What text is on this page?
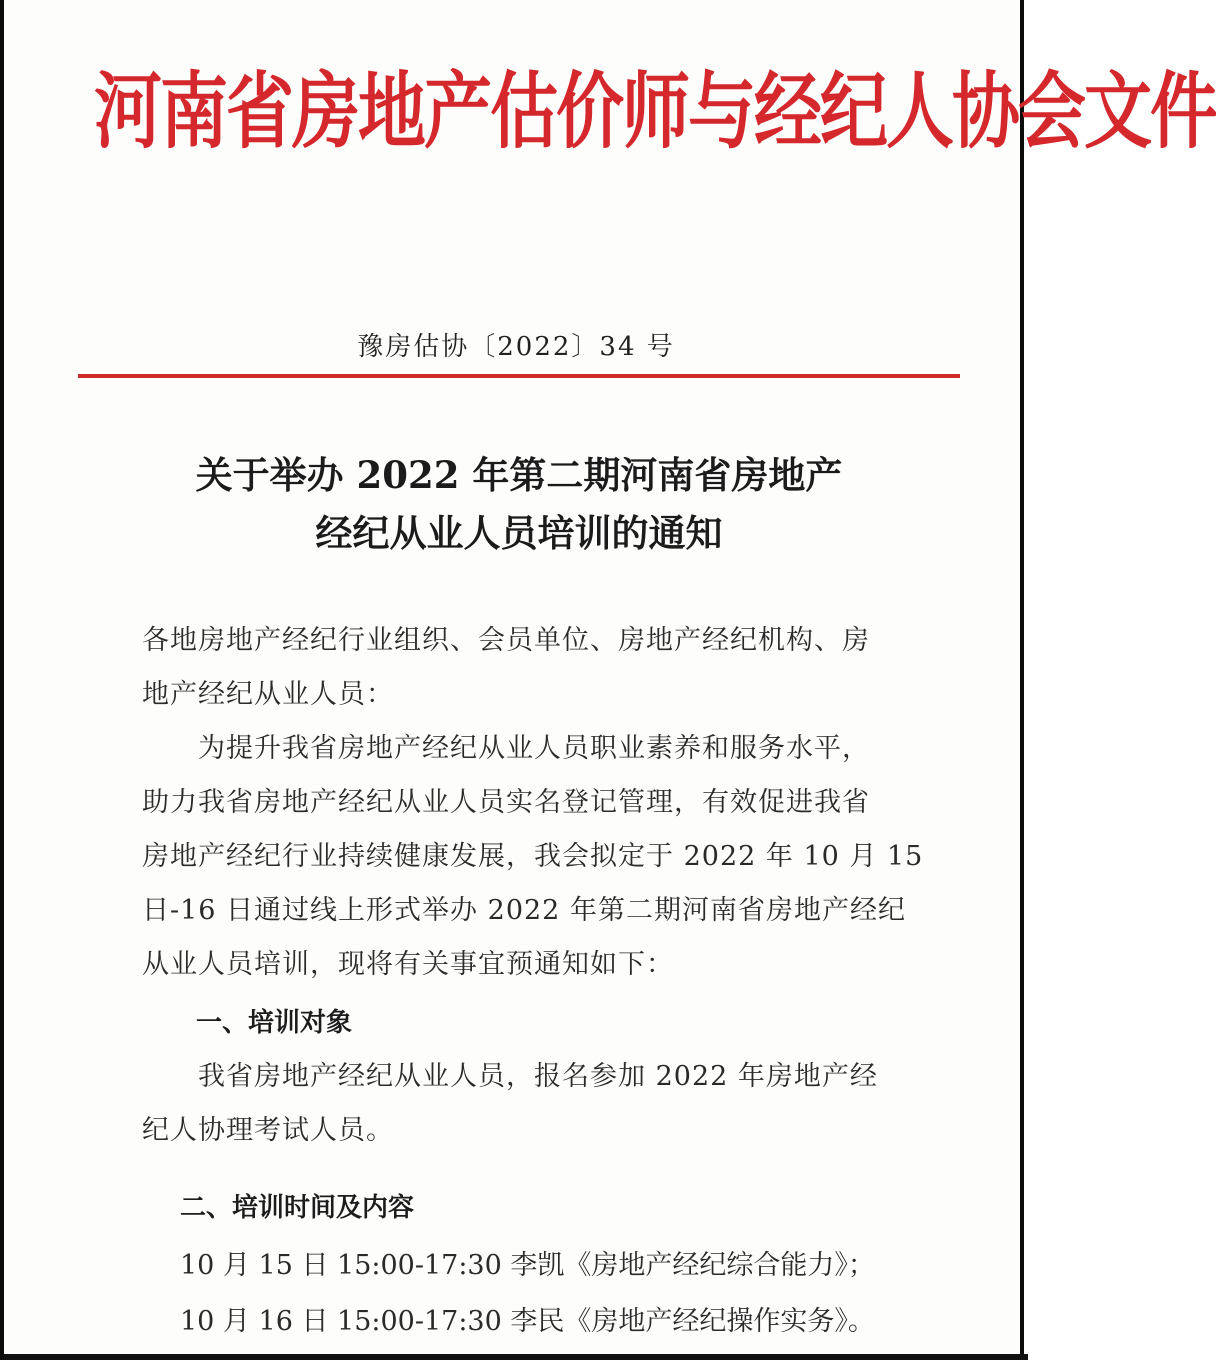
河南省房地产估价师与经纪人协会文件
豫房估协〔2022〕34 号
关于举办 2022 年第二期河南省房地产
经纪从业人员培训的通知
各地房地产经纪行业组织、会员单位、房地产经纪机构、房
地产经纪从业人员：
为提升我省房地产经纪从业人员职业素养和服务水平，
助力我省房地产经纪从业人员实名登记管理，有效促进我省
房地产经纪行业持续健康发展，我会拟定于 2022 年 10 月 15
日-16 日通过线上形式举办 2022 年第二期河南省房地产经纪
从业人员培训，现将有关事宜预通知如下：
一、培训对象
我省房地产经纪从业人员，报名参加 2022 年房地产经
纪人协理考试人员。
二、培训时间及内容
10 月 15 日 15:00-17:30 李凯《房地产经纪综合能力》；
10 月 16 日 15:00-17:30 李民《房地产经纪操作实务》。
